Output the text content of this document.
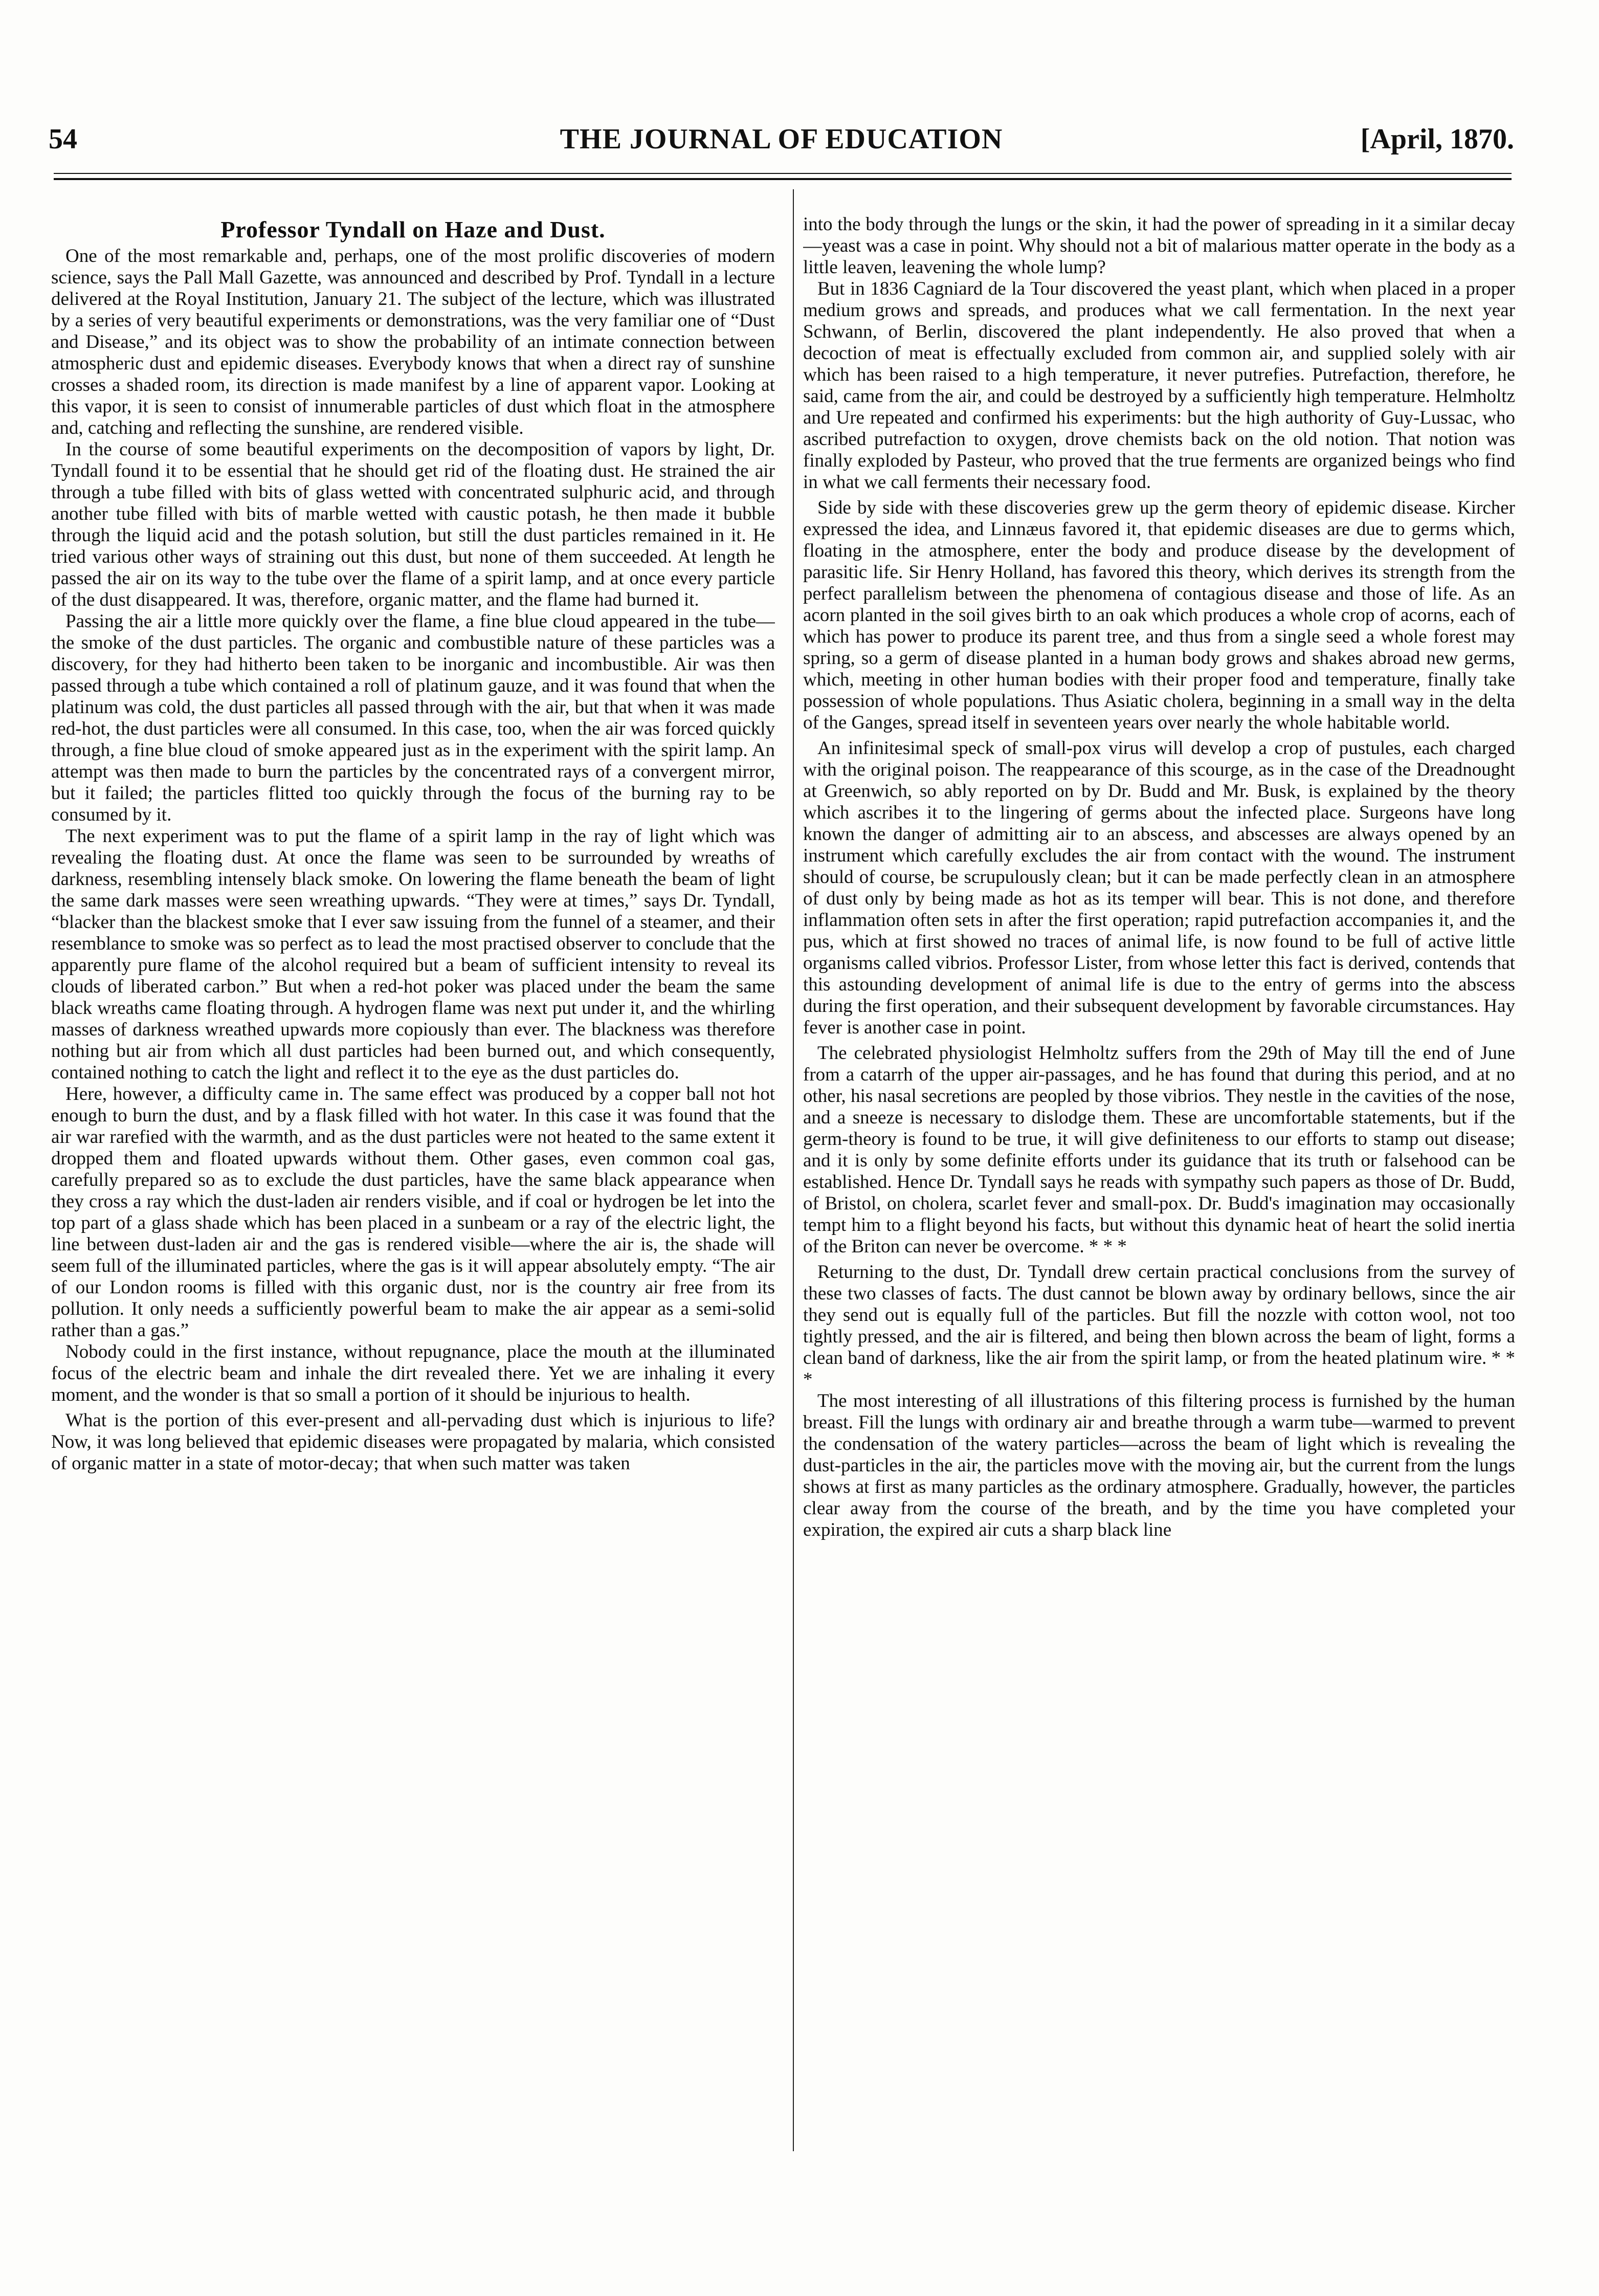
54	THE JOURNAL OF EDUCATION	[April, 1870.
Professor Tyndall on Haze and Dust.

One of the most remarkable and, perhaps, one of the most prolific discoveries of modern science, says the Pall Mall Gazette, was announced and described by Prof. Tyndall in a lecture delivered at the Royal Institution, January 21. The subject of the lecture, which was illustrated by a series of very beautiful experiments or demonstrations, was the very familiar one of “Dust and Disease,” and its object was to show the probability of an intimate connection between atmospheric dust and epidemic diseases. Everybody knows that when a direct ray of sunshine crosses a shaded room, its direction is made manifest by a line of apparent vapor. Looking at this vapor, it is seen to consist of innumerable particles of dust which float in the atmosphere and, catching and reflecting the sunshine, are rendered visible.

In the course of some beautiful experiments on the decomposition of vapors by light, Dr. Tyndall found it to be essential that he should get rid of the floating dust. He strained the air through a tube filled with bits of glass wetted with concentrated sulphuric acid, and through another tube filled with bits of marble wetted with caustic potash, he then made it bubble through the liquid acid and the potash solution, but still the dust particles remained in it. He tried various other ways of straining out this dust, but none of them succeeded. At length he passed the air on its way to the tube over the flame of a spirit lamp, and at once every particle of the dust disappeared. It was, therefore, organic matter, and the flame had burned it.

Passing the air a little more quickly over the flame, a fine blue cloud appeared in the tube—the smoke of the dust particles. The organic and combustible nature of these particles was a discovery, for they had hitherto been taken to be inorganic and incombustible. Air was then passed through a tube which contained a roll of platinum gauze, and it was found that when the platinum was cold, the dust particles all passed through with the air, but that when it was made red-hot, the dust particles were all consumed. In this case, too, when the air was forced quickly through, a fine blue cloud of smoke appeared just as in the experiment with the spirit lamp. An attempt was then made to burn the particles by the concentrated rays of a convergent mirror, but it failed; the particles flitted too quickly through the focus of the burning ray to be consumed by it.

The next experiment was to put the flame of a spirit lamp in the ray of light which was revealing the floating dust. At once the flame was seen to be surrounded by wreaths of darkness, resembling intensely black smoke. On lowering the flame beneath the beam of light the same dark masses were seen wreathing upwards. “They were at times,” says Dr. Tyndall, “blacker than the blackest smoke that I ever saw issuing from the funnel of a steamer, and their resemblance to smoke was so perfect as to lead the most practised observer to conclude that the apparently pure flame of the alcohol required but a beam of sufficient intensity to reveal its clouds of liberated carbon.” But when a red-hot poker was placed under the beam the same black wreaths came floating through. A hydrogen flame was next put under it, and the whirling masses of darkness wreathed upwards more copiously than ever. The blackness was therefore nothing but air from which all dust particles had been burned out, and which consequently, contained nothing to catch the light and reflect it to the eye as the dust particles do.

Here, however, a difficulty came in. The same effect was produced by a copper ball not hot enough to burn the dust, and by a flask filled with hot water. In this case it was found that the air war rarefied with the warmth, and as the dust particles were not heated to the same extent it dropped them and floated upwards without them. Other gases, even common coal gas, carefully prepared so as to exclude the dust particles, have the same black appearance when they cross a ray which the dust-laden air renders visible, and if coal or hydrogen be let into the top part of a glass shade which has been placed in a sunbeam or a ray of the electric light, the line between dust-laden air and the gas is rendered visible—where the air is, the shade will seem full of the illuminated particles, where the gas is it will appear absolutely empty. “The air of our London rooms is filled with this organic dust, nor is the country air free from its pollution. It only needs a sufficiently powerful beam to make the air appear as a semi-solid rather than a gas.”

Nobody could in the first instance, without repugnance, place the mouth at the illuminated focus of the electric beam and inhale the dirt revealed there. Yet we are inhaling it every moment, and the wonder is that so small a portion of it should be injurious to health.

What is the portion of this ever-present and all-pervading dust which is injurious to life? Now, it was long believed that epidemic diseases were propagated by malaria, which consisted of organic matter in a state of motor-decay; that when such matter was taken

into the body through the lungs or the skin, it had the power of spreading in it a similar decay—yeast was a case in point. Why should not a bit of malarious matter operate in the body as a little leaven, leavening the whole lump?

But in 1836 Cagniard de la Tour discovered the yeast plant, which when placed in a proper medium grows and spreads, and produces what we call fermentation. In the next year Schwann, of Berlin, discovered the plant independently. He also proved that when a decoction of meat is effectually excluded from common air, and supplied solely with air which has been raised to a high temperature, it never putrefies. Putrefaction, therefore, he said, came from the air, and could be destroyed by a sufficiently high temperature. Helmholtz and Ure repeated and confirmed his experiments: but the high authority of Guy-Lussac, who ascribed putrefaction to oxygen, drove chemists back on the old notion. That notion was finally exploded by Pasteur, who proved that the true ferments are organized beings who find in what we call ferments their necessary food.

Side by side with these discoveries grew up the germ theory of epidemic disease. Kircher expressed the idea, and Linnæus favored it, that epidemic diseases are due to germs which, floating in the atmosphere, enter the body and produce disease by the development of parasitic life. Sir Henry Holland, has favored this theory, which derives its strength from the perfect parallelism between the phenomena of contagious disease and those of life. As an acorn planted in the soil gives birth to an oak which produces a whole crop of acorns, each of which has power to produce its parent tree, and thus from a single seed a whole forest may spring, so a germ of disease planted in a human body grows and shakes abroad new germs, which, meeting in other human bodies with their proper food and temperature, finally take possession of whole populations. Thus Asiatic cholera, beginning in a small way in the delta of the Ganges, spread itself in seventeen years over nearly the whole habitable world.

An infinitesimal speck of small-pox virus will develop a crop of pustules, each charged with the original poison. The reappearance of this scourge, as in the case of the Dreadnought at Greenwich, so ably reported on by Dr. Budd and Mr. Busk, is explained by the theory which ascribes it to the lingering of germs about the infected place. Surgeons have long known the danger of admitting air to an abscess, and abscesses are always opened by an instrument which carefully excludes the air from contact with the wound. The instrument should of course, be scrupulously clean; but it can be made perfectly clean in an atmosphere of dust only by being made as hot as its temper will bear. This is not done, and therefore inflammation often sets in after the first operation; rapid putrefaction accompanies it, and the pus, which at first showed no traces of animal life, is now found to be full of active little organisms called vibrios. Professor Lister, from whose letter this fact is derived, contends that this astounding development of animal life is due to the entry of germs into the abscess during the first operation, and their subsequent development by favorable circumstances. Hay fever is another case in point.

The celebrated physiologist Helmholtz suffers from the 29th of May till the end of June from a catarrh of the upper air-passages, and he has found that during this period, and at no other, his nasal secretions are peopled by those vibrios. They nestle in the cavities of the nose, and a sneeze is necessary to dislodge them. These are uncomfortable statements, but if the germ-theory is found to be true, it will give definiteness to our efforts to stamp out disease; and it is only by some definite efforts under its guidance that its truth or falsehood can be established. Hence Dr. Tyndall says he reads with sympathy such papers as those of Dr. Budd, of Bristol, on cholera, scarlet fever and small-pox. Dr. Budd's imagination may occasionally tempt him to a flight beyond his facts, but without this dynamic heat of heart the solid inertia of the Briton can never be overcome. * * *

Returning to the dust, Dr. Tyndall drew certain practical conclusions from the survey of these two classes of facts. The dust cannot be blown away by ordinary bellows, since the air they send out is equally full of the particles. But fill the nozzle with cotton wool, not too tightly pressed, and the air is filtered, and being then blown across the beam of light, forms a clean band of darkness, like the air from the spirit lamp, or from the heated platinum wire. * * *

The most interesting of all illustrations of this filtering process is furnished by the human breast. Fill the lungs with ordinary air and breathe through a warm tube—warmed to prevent the condensation of the watery particles—across the beam of light which is revealing the dust-particles in the air, the particles move with the moving air, but the current from the lungs shows at first as many particles as the ordinary atmosphere. Gradually, however, the particles clear away from the course of the breath, and by the time you have completed your expiration, the expired air cuts a sharp black line
